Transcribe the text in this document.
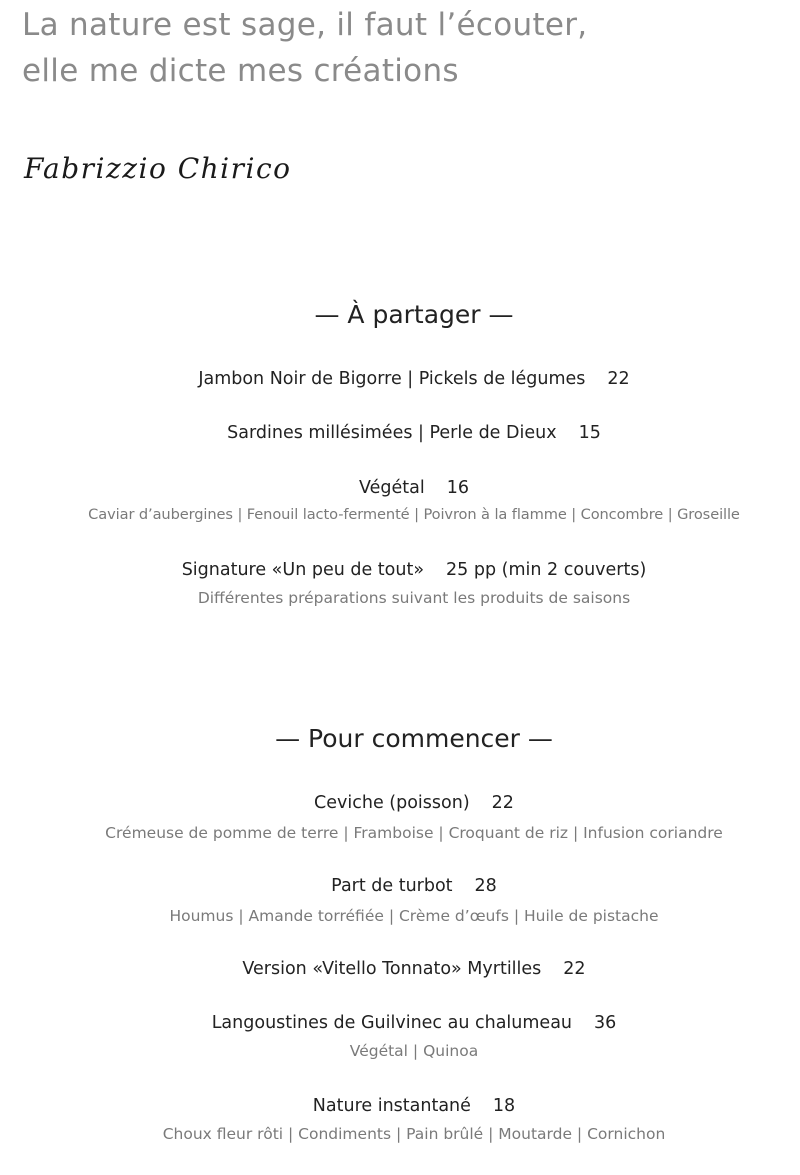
La nature est sage, il faut l’écouter,
elle me dicte mes créations
Fabrizzio Chirico
— À partager —
Jambon Noir de Bigorre | Pickels de légumes 22
Sardines millésimées | Perle de Dieux 15
Végétal 16
Caviar d’aubergines | Fenouil lacto-fermenté | Poivron à la flamme | Concombre | Groseille
Signature «Un peu de tout» 25 pp (min 2 couverts)
Différentes préparations suivant les produits de saisons
— Pour commencer —
Ceviche (poisson) 22
Crémeuse de pomme de terre | Framboise | Croquant de riz | Infusion coriandre
Part de turbot 28
Houmus | Amande torréfiée | Crème d’œufs | Huile de pistache
Version «Vitello Tonnato» Myrtilles 22
Langoustines de Guilvinec au chalumeau 36
Végétal | Quinoa
Nature instantané 18
Choux fleur rôti | Condiments | Pain brûlé | Moutarde | Cornichon
